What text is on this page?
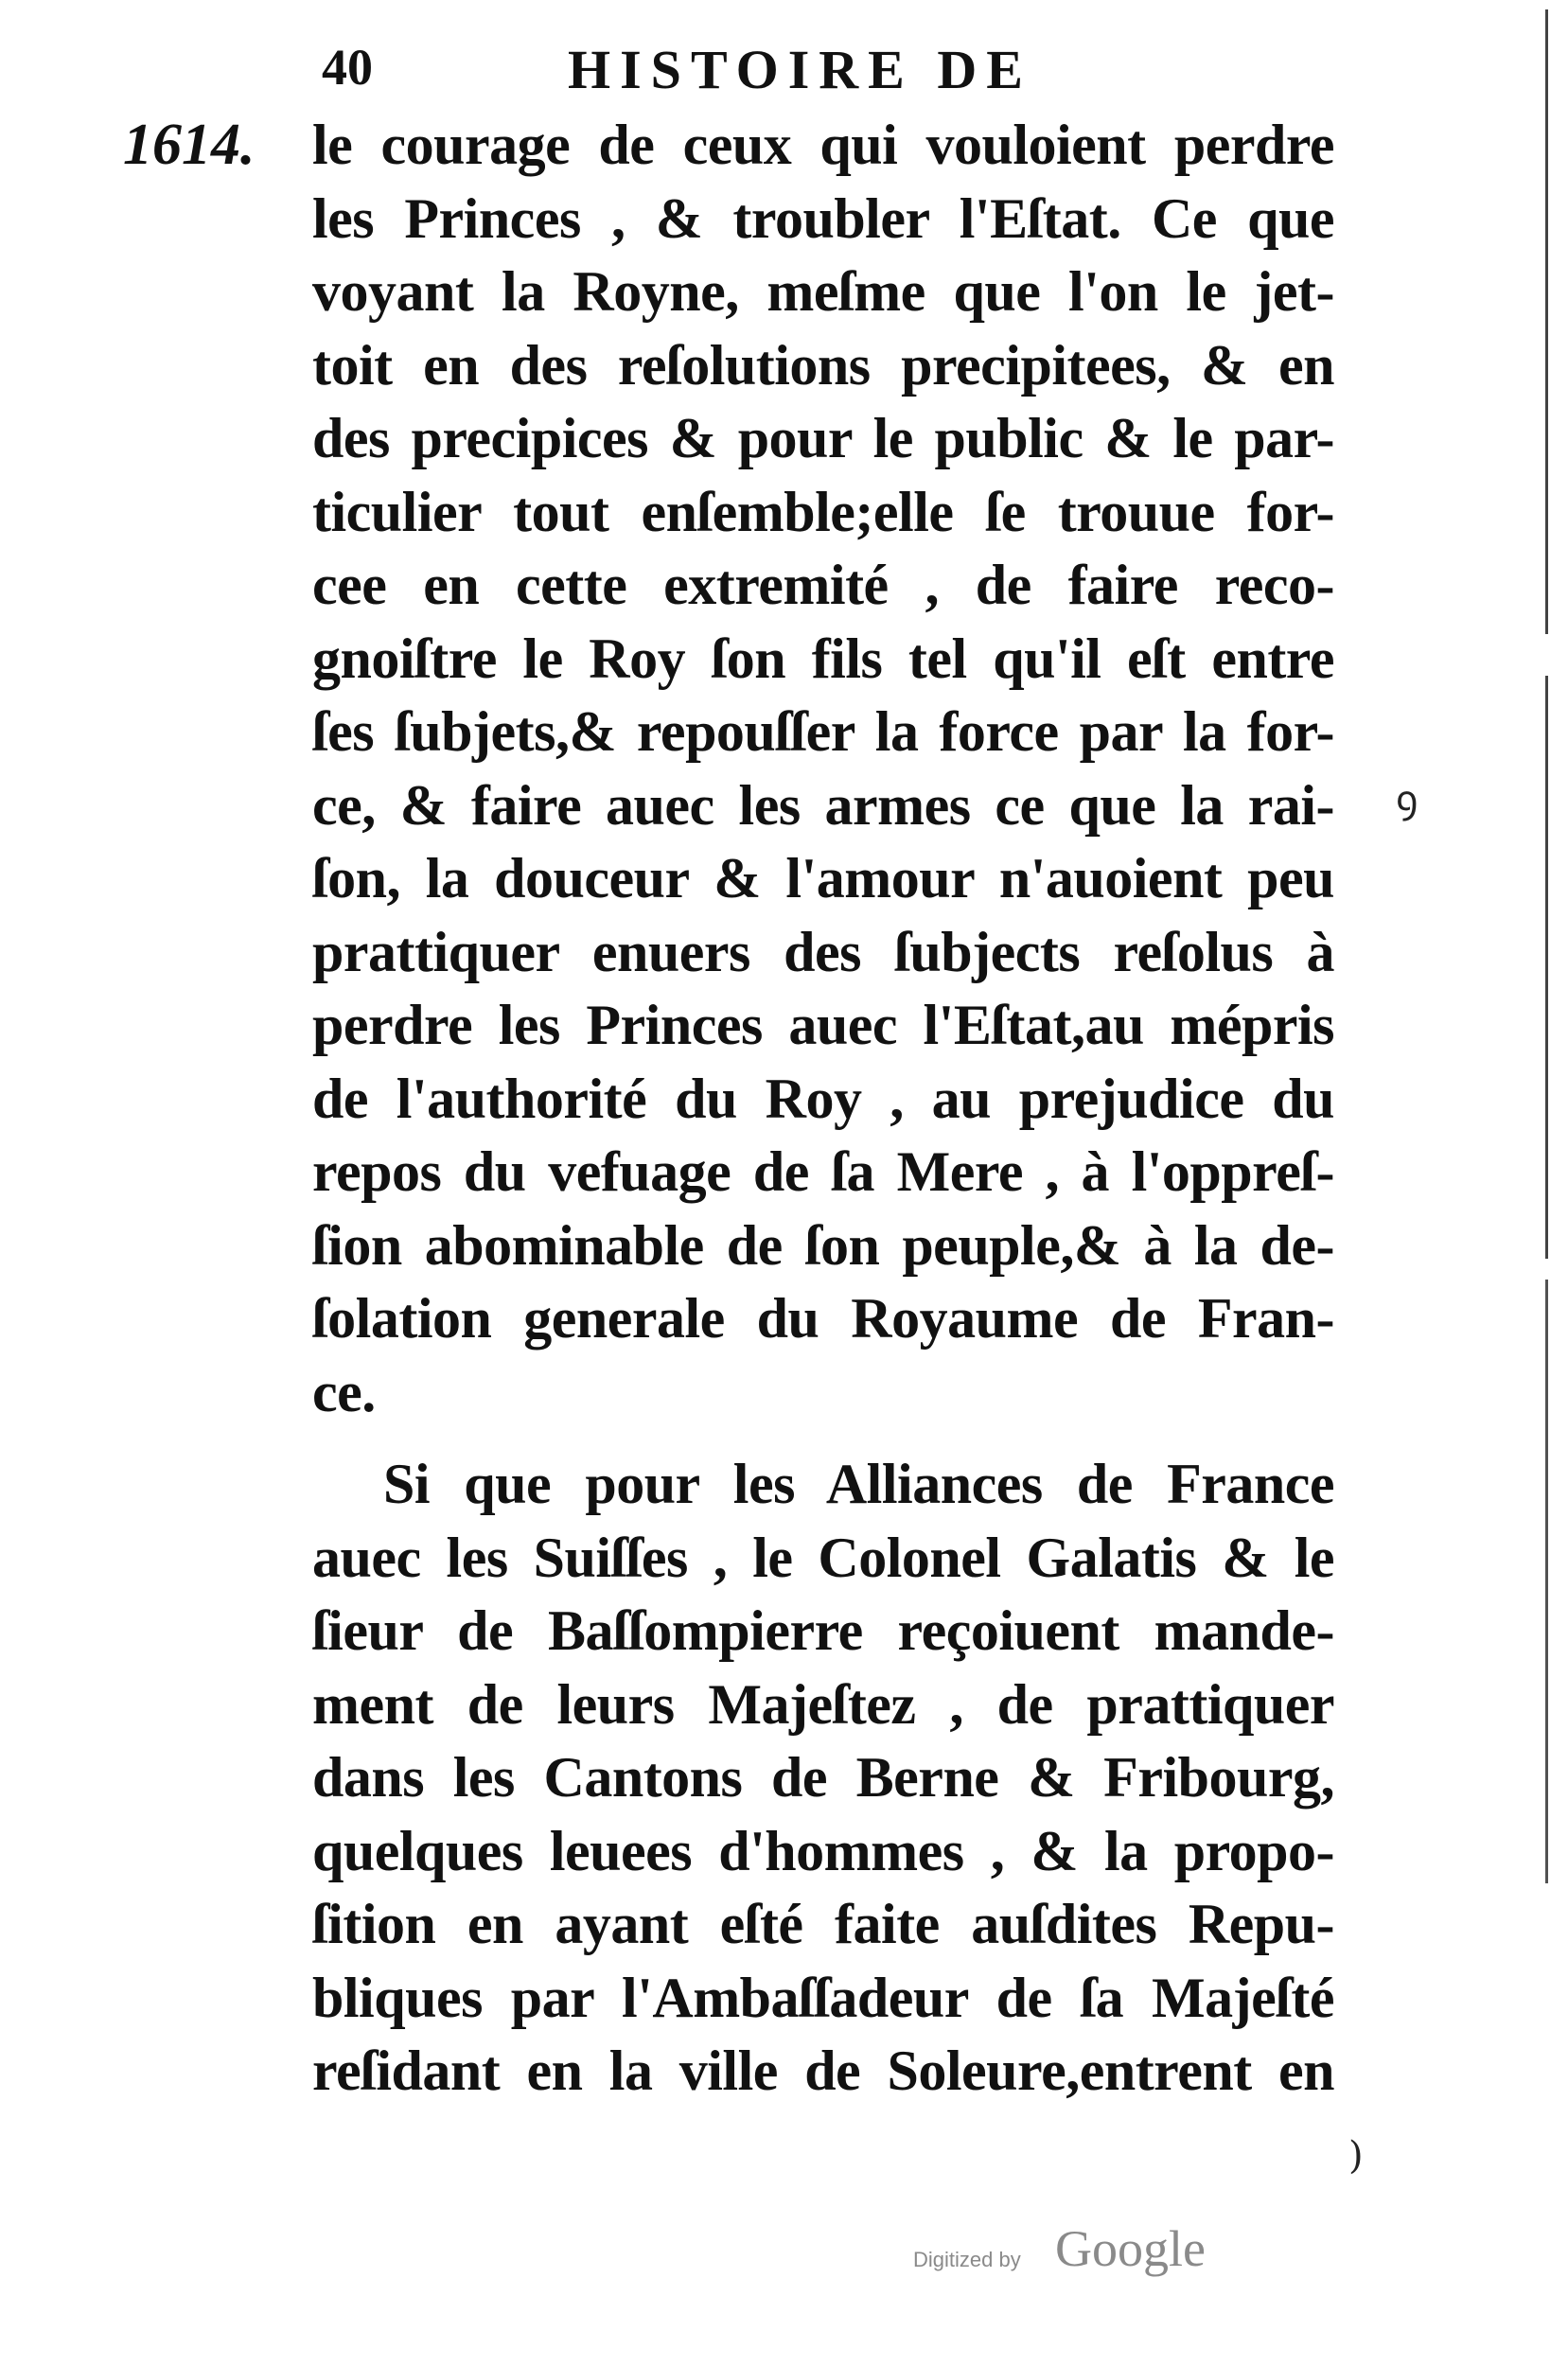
40	HISTOIRE DE
1614. le courage de ceux qui vouloient perdre
les Princes , & troubler l'Eſtat. Ce que
voyant la Royne, meſme que l'on le jet-
toit en des reſolutions precipitees, & en
des precipices & pour le public & le par-
ticulier tout enſemble;elle ſe trouue for-
cee en cette extremité , de faire reco-
gnoiſtre le Roy ſon fils tel qu'il eſt entre
ſes ſubjets,& repouſſer la force par la for-
ce, & faire auec les armes ce que la rai-
ſon, la douceur & l'amour n'auoient peu
prattiquer enuers des ſubjects reſolus à
perdre les Princes auec l'Eſtat,au mépris
de l'authorité du Roy , au prejudice du
repos du vefuage de ſa Mere , à l'oppreſ-
ſion abominable de ſon peuple,& à la de-
ſolation generale du Royaume de Fran-
ce.
Si que pour les Alliances de France
auec les Suiſſes , le Colonel Galatis & le
ſieur de Baſſompierre reçoiuent mande-
ment de leurs Majeſtez , de prattiquer
dans les Cantons de Berne & Fribourg,
quelques leuees d'hommes , & la propo-
ſition en ayant eſté faite auſdites Repu-
bliques par l'Ambaſſadeur de ſa Majeſté
reſidant en la ville de Soleure,entrent en
ꝯ
)
Digitized by Google
